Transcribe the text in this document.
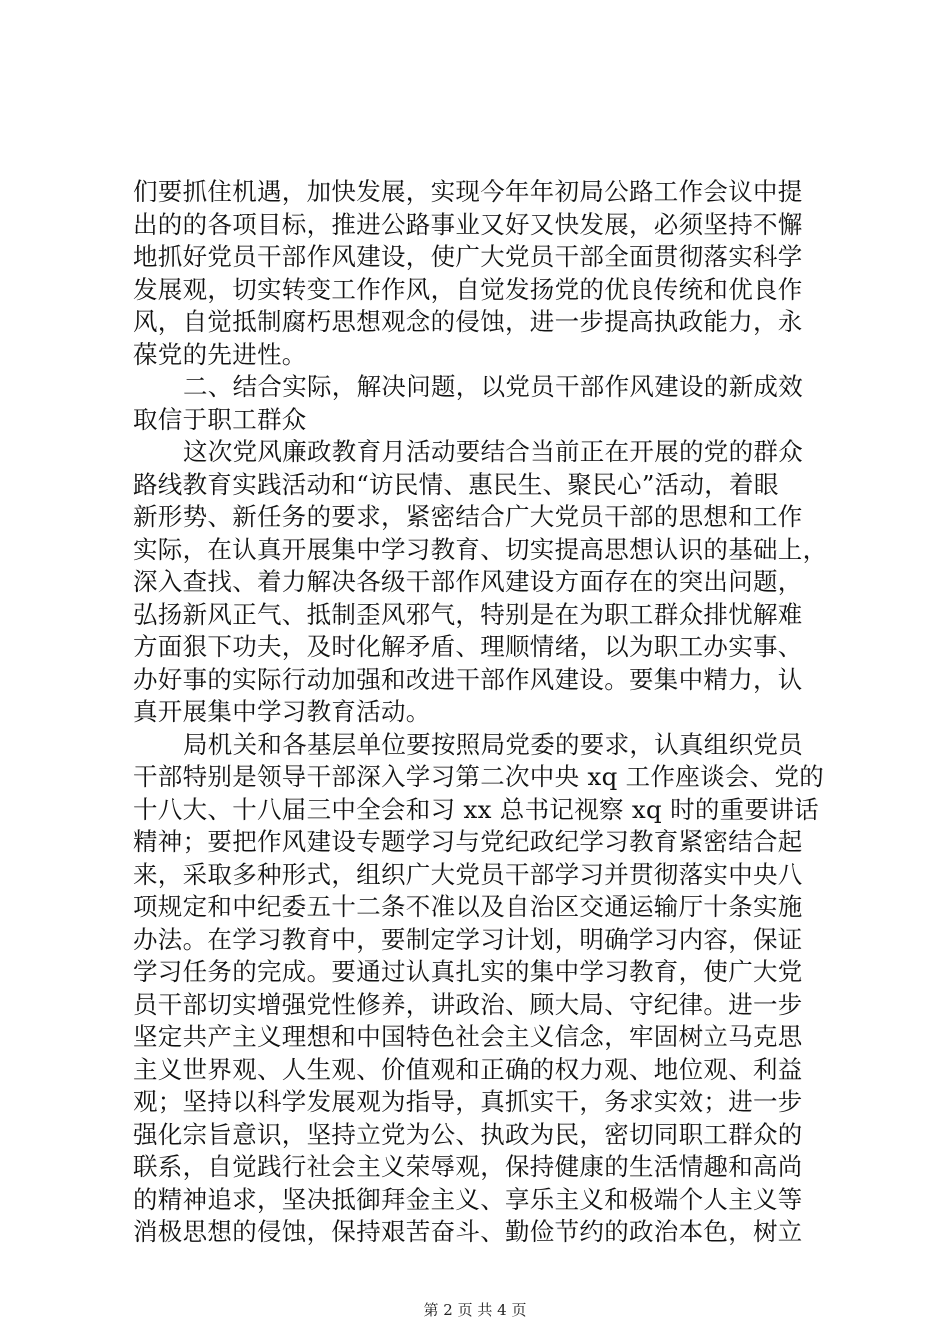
们要抓住机遇，加快发展，实现今年年初局公路工作会议中提
出的的各项目标，推进公路事业又好又快发展，必须坚持不懈
地抓好党员干部作风建设，使广大党员干部全面贯彻落实科学
发展观，切实转变工作作风，自觉发扬党的优良传统和优良作
风，自觉抵制腐朽思想观念的侵蚀，进一步提高执政能力，永
葆党的先进性。
二、结合实际，解决问题，以党员干部作风建设的新成效
取信于职工群众
这次党风廉政教育月活动要结合当前正在开展的党的群众
路线教育实践活动和“访民情、惠民生、聚民心”活动，着眼
新形势、新任务的要求，紧密结合广大党员干部的思想和工作
实际，在认真开展集中学习教育、切实提高思想认识的基础上，
深入查找、着力解决各级干部作风建设方面存在的突出问题，
弘扬新风正气、抵制歪风邪气，特别是在为职工群众排忧解难
方面狠下功夫，及时化解矛盾、理顺情绪，以为职工办实事、
办好事的实际行动加强和改进干部作风建设。要集中精力，认
真开展集中学习教育活动。
局机关和各基层单位要按照局党委的要求，认真组织党员
干部特别是领导干部深入学习第二次中央 xq 工作座谈会、党的
十八大、十八届三中全会和习 xx 总书记视察 xq 时的重要讲话
精神；要把作风建设专题学习与党纪政纪学习教育紧密结合起
来，采取多种形式，组织广大党员干部学习并贯彻落实中央八
项规定和中纪委五十二条不准以及自治区交通运输厅十条实施
办法。在学习教育中，要制定学习计划，明确学习内容，保证
学习任务的完成。要通过认真扎实的集中学习教育，使广大党
员干部切实增强党性修养，讲政治、顾大局、守纪律。进一步
坚定共产主义理想和中国特色社会主义信念，牢固树立马克思
主义世界观、人生观、价值观和正确的权力观、地位观、利益
观；坚持以科学发展观为指导，真抓实干，务求实效；进一步
强化宗旨意识，坚持立党为公、执政为民，密切同职工群众的
联系，自觉践行社会主义荣辱观，保持健康的生活情趣和高尚
的精神追求，坚决抵御拜金主义、享乐主义和极端个人主义等
消极思想的侵蚀，保持艰苦奋斗、勤俭节约的政治本色，树立
第 2 页 共 4 页
